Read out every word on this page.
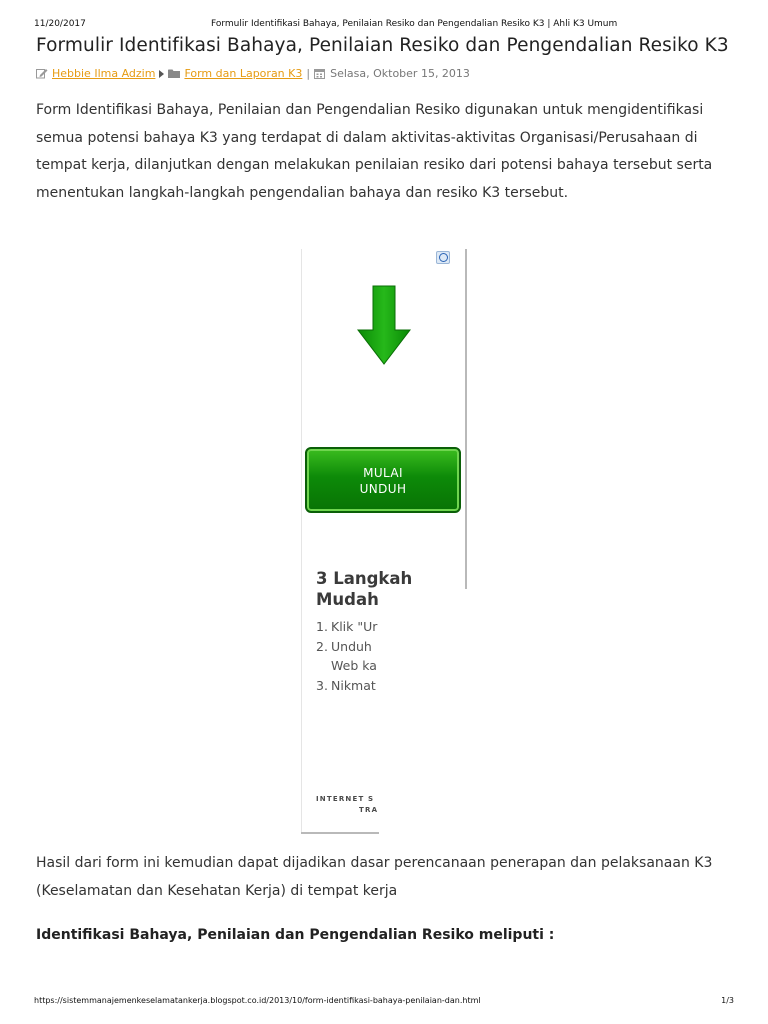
11/20/2017	Formulir Identifikasi Bahaya, Penilaian Resiko dan Pengendalian Resiko K3 | Ahli K3 Umum
Formulir Identifikasi Bahaya, Penilaian Resiko dan Pengendalian Resiko K3
Hebbie Ilma Adzim	Form dan Laporan K3 | Selasa, Oktober 15, 2013

Form Identifikasi Bahaya, Penilaian dan Pengendalian Resiko digunakan untuk mengidentifikasi semua potensi bahaya K3 yang terdapat di dalam aktivitas-aktivitas Organisasi/Perusahaan di tempat kerja, dilanjutkan dengan melakukan penilaian resiko dari potensi bahaya tersebut serta menentukan langkah-langkah pengendalian bahaya dan resiko K3 tersebut.

MULAI
UNDUH
3 Langkah
Mudah
1. Klik "Ur
2. Unduh
Web ka
3. Nikmat
INTERNET S
TRA

Hasil dari form ini kemudian dapat dijadikan dasar perencanaan penerapan dan pelaksanaan K3 (Keselamatan dan Kesehatan Kerja) di tempat kerja

Identifikasi Bahaya, Penilaian dan Pengendalian Resiko meliputi :

https://sistemmanajemenkeselamatankerja.blogspot.co.id/2013/10/form-identifikasi-bahaya-penilaian-dan.html	1/3
